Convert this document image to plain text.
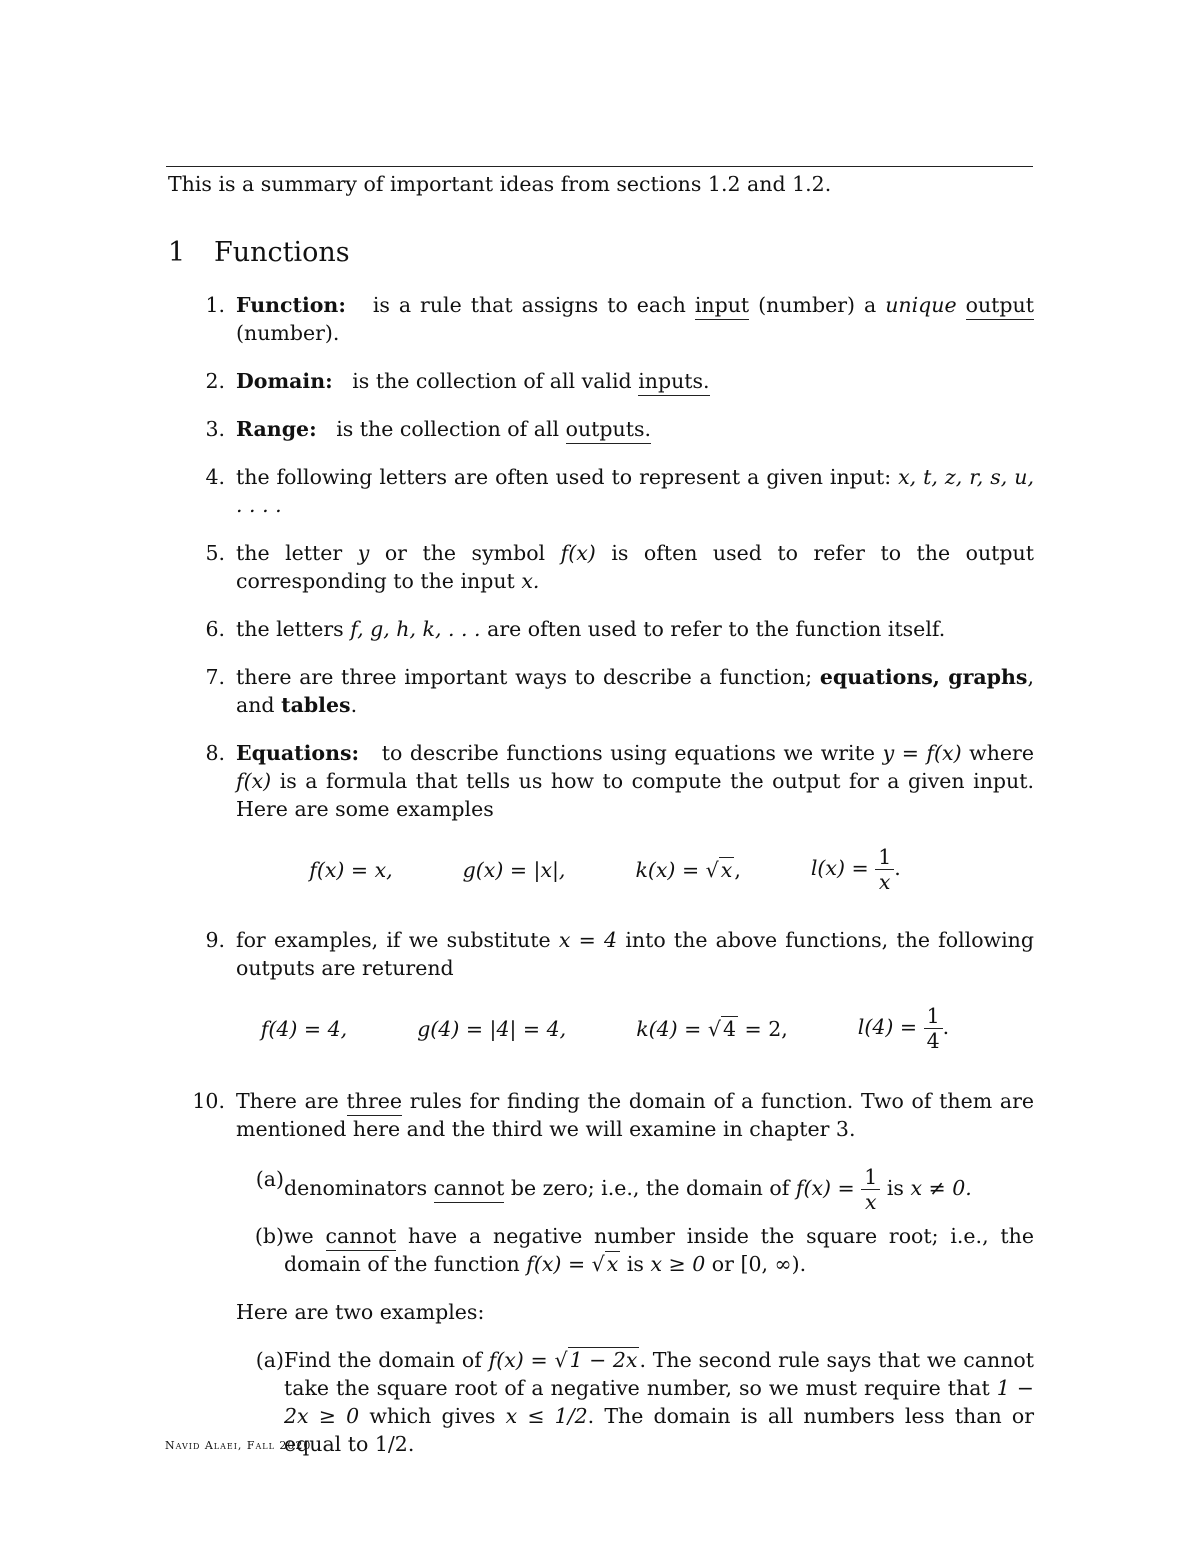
This is a summary of important ideas from sections 1.2 and 1.2.
1 Functions
1. Function: is a rule that assigns to each input (number) a unique output (number).
2. Domain: is the collection of all valid inputs.
3. Range: is the collection of all outputs.
4. the following letters are often used to represent a given input: x, t, z, r, s, u, . . . .
5. the letter y or the symbol f(x) is often used to refer to the output corresponding to the input x.
6. the letters f, g, h, k, . . . are often used to refer to the function itself.
7. there are three important ways to describe a function; equations, graphs, and tables.
8. Equations: to describe functions using equations we write y = f(x) where f(x) is a formula that tells us how to compute the output for a given input. Here are some examples
f(x) = x,	g(x) = |x|,	k(x) = √x,	$l(x) = \frac{1}{x}$ .
9. for examples, if we substitute x = 4 into the above functions, the following outputs are returend
f(4) = 4,	g(4) = |4| = 4,	k(4) = √4 = 2,	$l(4) = \frac{1}{4}$ .
10. There are three rules for finding the domain of a function. Two of them are mentioned here and the third we will examine in chapter 3.
(a) denominators cannot be zero; i.e., the domain of $f(x) = \frac{1}{x}$ is x ≠ 0.
(b) we cannot have a negative number inside the square root; i.e., the domain of the function f(x) = √x is x ≥ 0 or [0, ∞).
Here are two examples:
(a) Find the domain of f(x) = √1 − 2x. The second rule says that we cannot take the square root of a negative number, so we must require that 1 − 2x ≥ 0 which gives x ≤ 1/2. The domain is all numbers less than or equal to 1/2.
Navid Alaei, Fall 2020
